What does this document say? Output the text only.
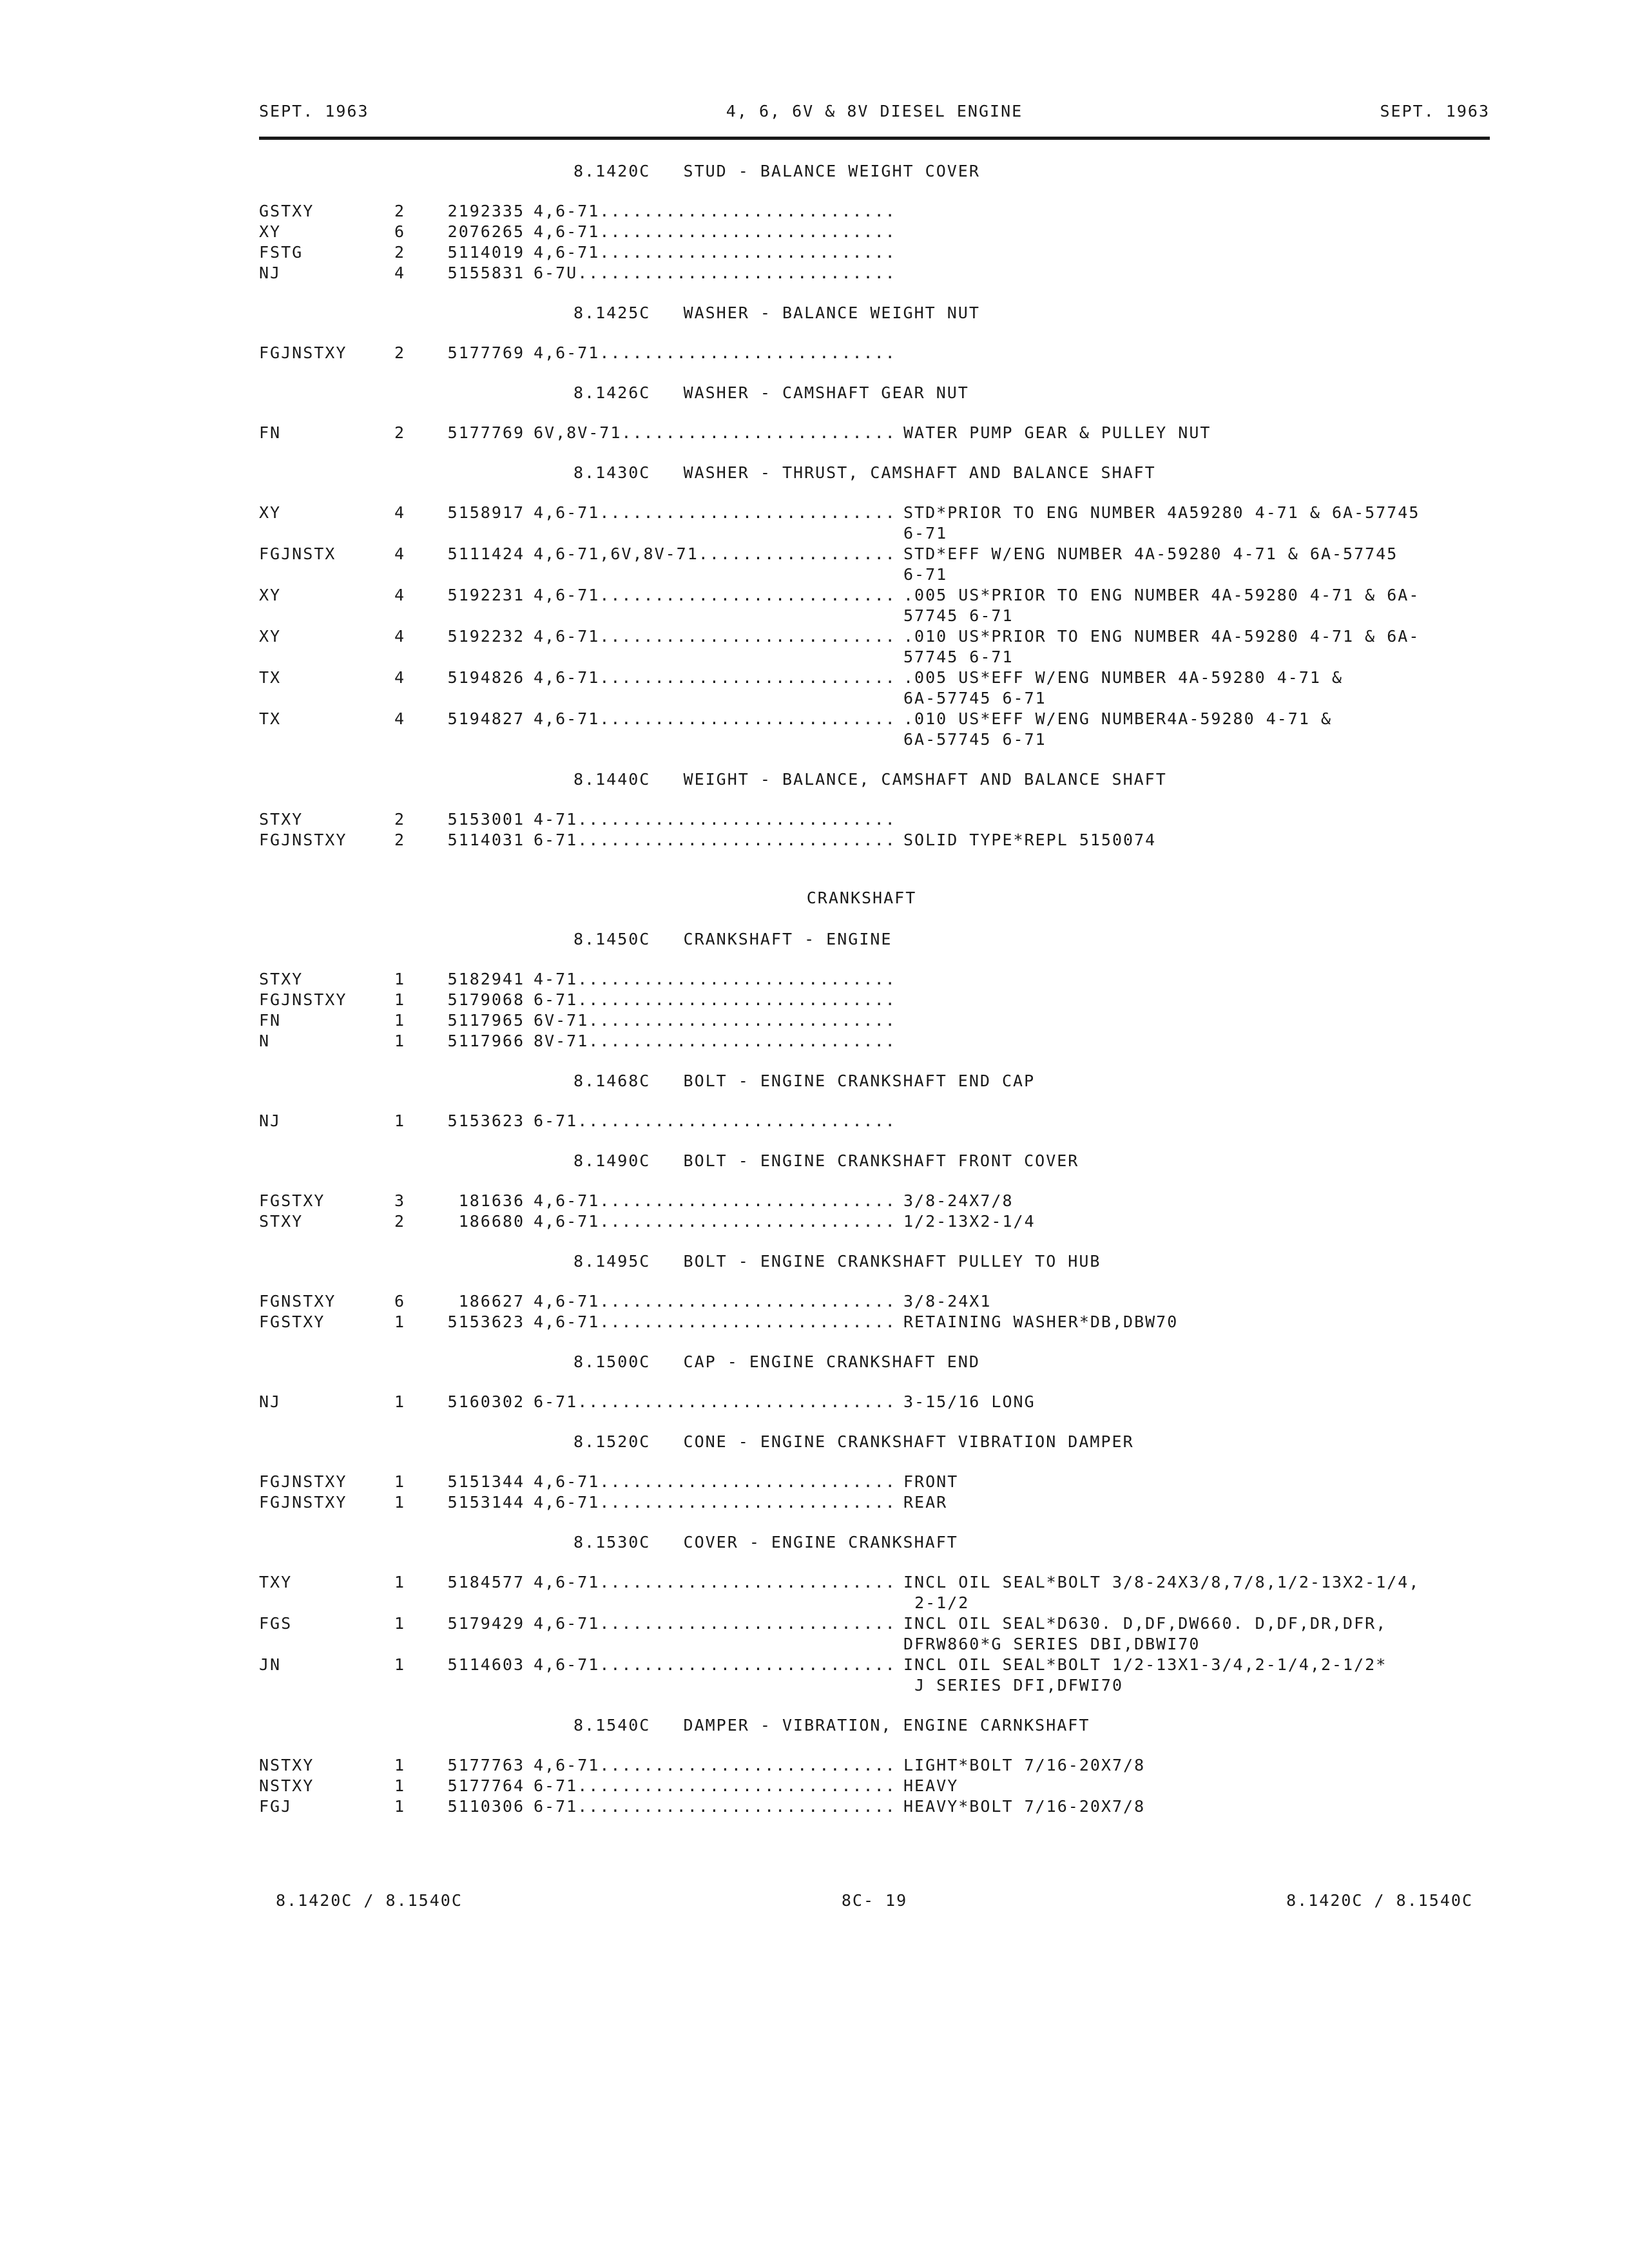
SEPT. 1963	4, 6, 6V & 8V DIESEL ENGINE	SEPT. 1963
8.1420C   STUD - BALANCE WEIGHT COVER
GSTXY	2	2192335 4,6-71...........................
XY	6	2076265 4,6-71...........................
FSTG	2	5114019 4,6-71...........................
NJ	4	5155831 6-7U.............................
8.1425C   WASHER - BALANCE WEIGHT NUT
FGJNSTXY	2	5177769 4,6-71...........................
8.1426C   WASHER - CAMSHAFT GEAR NUT
FN	2	5177769 6V,8V-71......................... WATER PUMP GEAR & PULLEY NUT
8.1430C   WASHER - THRUST, CAMSHAFT AND BALANCE SHAFT
XY	4	5158917 4,6-71........................... STD*PRIOR TO ENG NUMBER 4A59280 4-71 & 6A-57745
6-71
FGJNSTX	4	5111424 4,6-71,6V,8V-71.................. STD*EFF W/ENG NUMBER 4A-59280 4-71 & 6A-57745
6-71
XY	4	5192231 4,6-71........................... .005 US*PRIOR TO ENG NUMBER 4A-59280 4-71 & 6A-
57745 6-71
XY	4	5192232 4,6-71........................... .010 US*PRIOR TO ENG NUMBER 4A-59280 4-71 & 6A-
57745 6-71
TX	4	5194826 4,6-71........................... .005 US*EFF W/ENG NUMBER 4A-59280 4-71 &
6A-57745 6-71
TX	4	5194827 4,6-71........................... .010 US*EFF W/ENG NUMBER4A-59280 4-71 &
6A-57745 6-71
8.1440C   WEIGHT - BALANCE, CAMSHAFT AND BALANCE SHAFT
STXY	2	5153001 4-71.............................
FGJNSTXY	2	5114031 6-71............................. SOLID TYPE*REPL 5150074
CRANKSHAFT
8.1450C   CRANKSHAFT - ENGINE
STXY	1	5182941 4-71.............................
FGJNSTXY	1	5179068 6-71.............................
FN	1	5117965 6V-71............................
N	1	5117966 8V-71............................
8.1468C   BOLT - ENGINE CRANKSHAFT END CAP
NJ	1	5153623 6-71.............................
8.1490C   BOLT - ENGINE CRANKSHAFT FRONT COVER
FGSTXY	3	181636 4,6-71........................... 3/8-24X7/8
STXY	2	186680 4,6-71........................... 1/2-13X2-1/4
8.1495C   BOLT - ENGINE CRANKSHAFT PULLEY TO HUB
FGNSTXY	6	186627 4,6-71........................... 3/8-24X1
FGSTXY	1	5153623 4,6-71........................... RETAINING WASHER*DB,DBW70
8.1500C   CAP - ENGINE CRANKSHAFT END
NJ	1	5160302 6-71............................. 3-15/16 LONG
8.1520C   CONE - ENGINE CRANKSHAFT VIBRATION DAMPER
FGJNSTXY	1	5151344 4,6-71........................... FRONT
FGJNSTXY	1	5153144 4,6-71........................... REAR
8.1530C   COVER - ENGINE CRANKSHAFT
TXY	1	5184577 4,6-71........................... INCL OIL SEAL*BOLT 3/8-24X3/8,7/8,1/2-13X2-1/4,
2-1/2
FGS	1	5179429 4,6-71........................... INCL OIL SEAL*D630. D,DF,DW660. D,DF,DR,DFR,
DFRW860*G SERIES DBI,DBWI70
JN	1	5114603 4,6-71........................... INCL OIL SEAL*BOLT 1/2-13X1-3/4,2-1/4,2-1/2*
J SERIES DFI,DFWI70
8.1540C   DAMPER - VIBRATION, ENGINE CARNKSHAFT
NSTXY	1	5177763 4,6-71........................... LIGHT*BOLT 7/16-20X7/8
NSTXY	1	5177764 6-71............................. HEAVY
FGJ	1	5110306 6-71............................. HEAVY*BOLT 7/16-20X7/8
8.1420C / 8.1540C	8C- 19	8.1420C / 8.1540C
